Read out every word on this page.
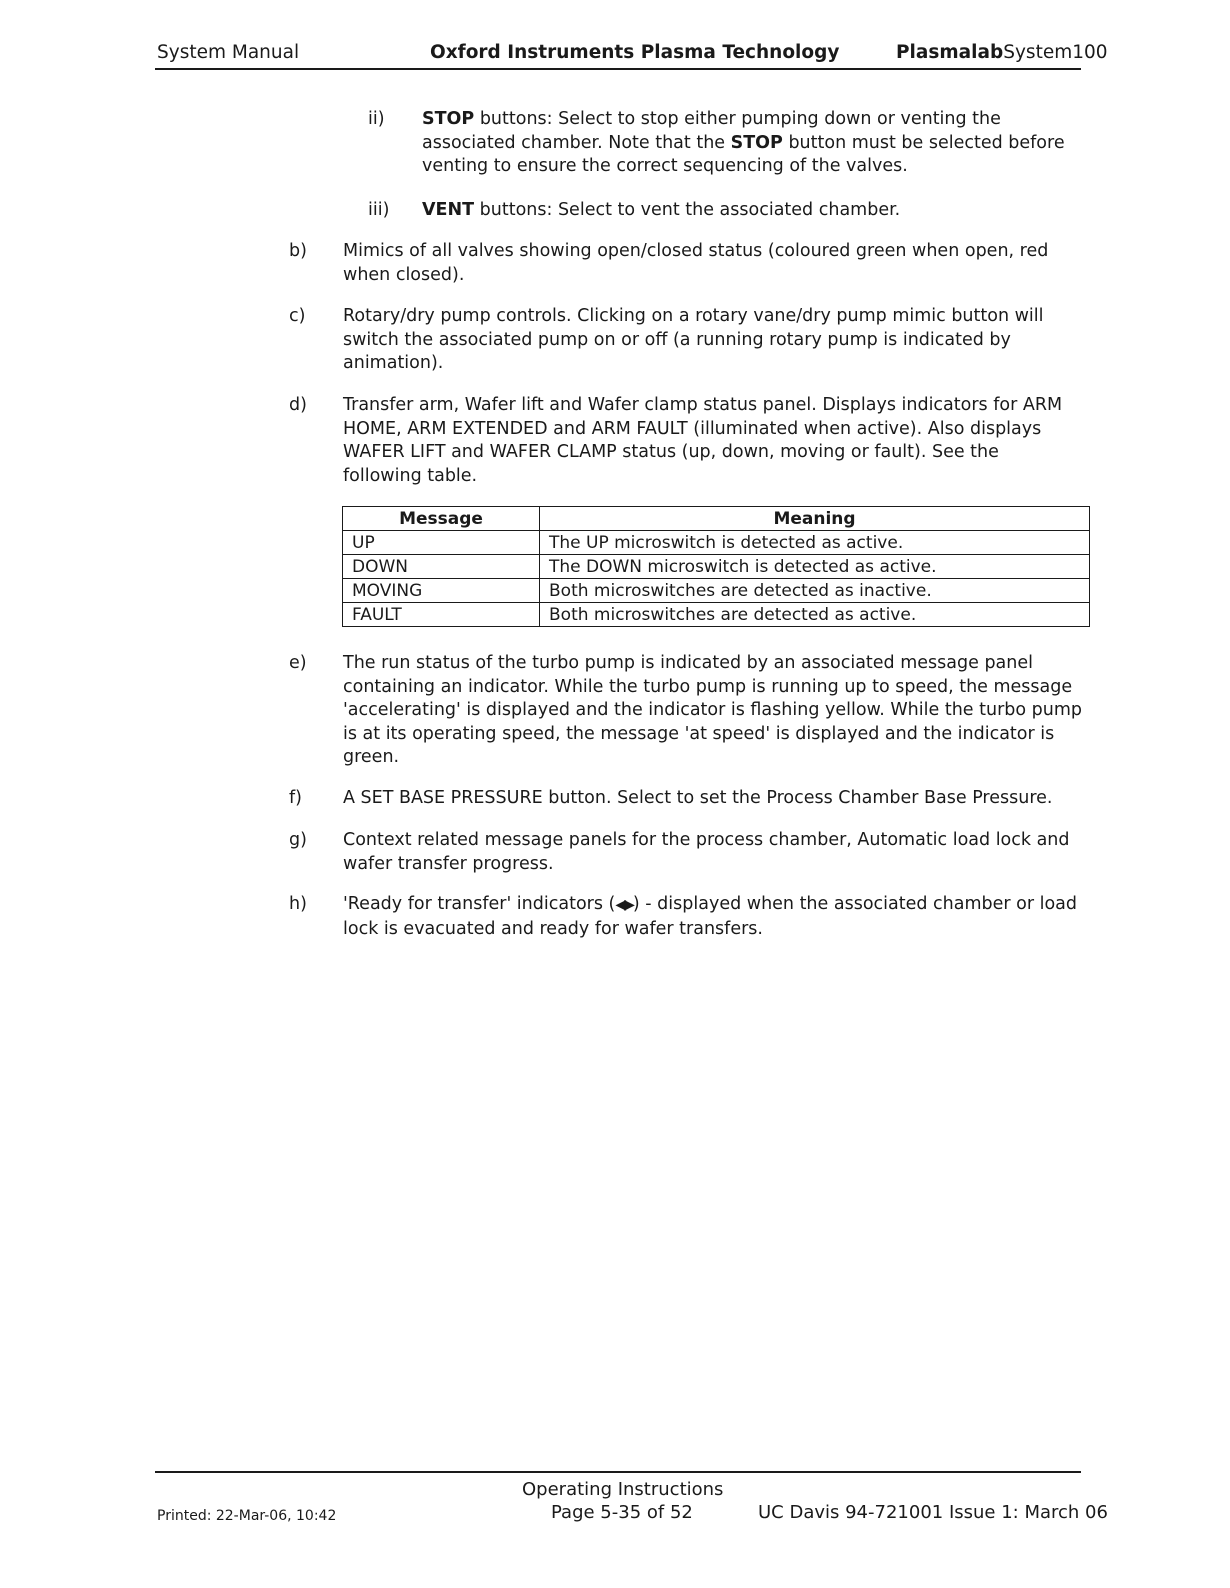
System Manual	Oxford Instruments Plasma Technology	PlasmalabSystem100
ii) STOP buttons: Select to stop either pumping down or venting the associated chamber. Note that the STOP button must be selected before venting to ensure the correct sequencing of the valves.
iii) VENT buttons: Select to vent the associated chamber.
b) Mimics of all valves showing open/closed status (coloured green when open, red when closed).
c) Rotary/dry pump controls. Clicking on a rotary vane/dry pump mimic button will switch the associated pump on or off (a running rotary pump is indicated by animation).
d) Transfer arm, Wafer lift and Wafer clamp status panel. Displays indicators for ARM HOME, ARM EXTENDED and ARM FAULT (illuminated when active). Also displays WAFER LIFT and WAFER CLAMP status (up, down, moving or fault). See the following table.
Message	Meaning
UP	The UP microswitch is detected as active.
DOWN	The DOWN microswitch is detected as active.
MOVING	Both microswitches are detected as inactive.
FAULT	Both microswitches are detected as active.
e) The run status of the turbo pump is indicated by an associated message panel containing an indicator. While the turbo pump is running up to speed, the message 'accelerating' is displayed and the indicator is flashing yellow. While the turbo pump is at its operating speed, the message 'at speed' is displayed and the indicator is green.
f) A SET BASE PRESSURE button. Select to set the Process Chamber Base Pressure.
g) Context related message panels for the process chamber, Automatic load lock and wafer transfer progress.
h) 'Ready for transfer' indicators (◀▶) - displayed when the associated chamber or load lock is evacuated and ready for wafer transfers.
Printed: 22-Mar-06, 10:42
Operating Instructions
Page 5-35 of 52	UC Davis 94-721001 Issue 1: March 06
